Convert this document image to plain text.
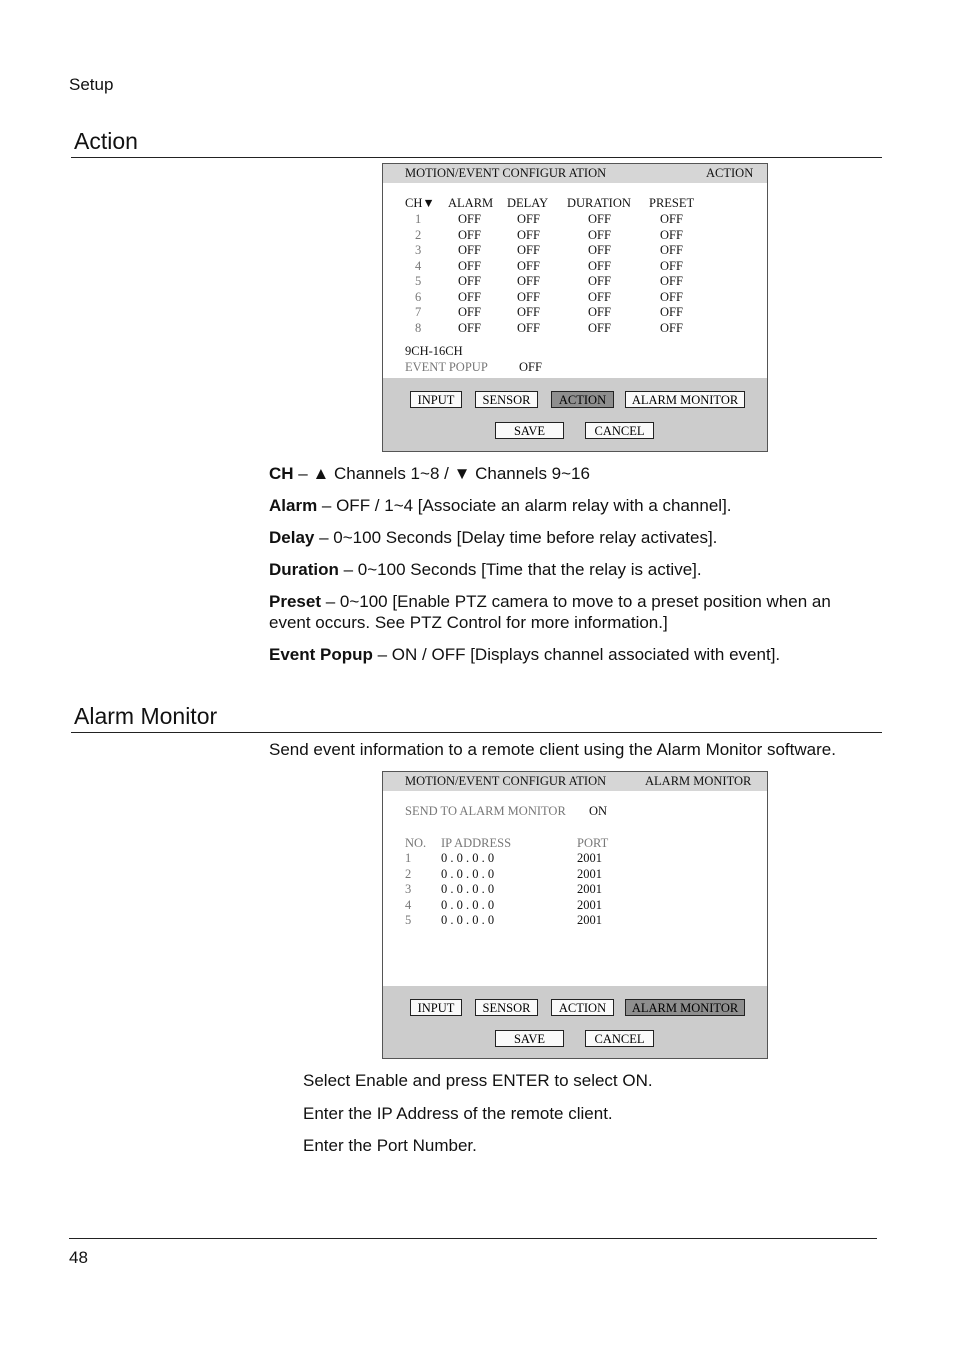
Setup
Action
MOTION/EVENT CONFIGUR ATION	ACTION
CH▼ ALARM DELAY DURATION PRESET
1	OFF	OFF	OFF	OFF
2	OFF	OFF	OFF	OFF
3	OFF	OFF	OFF	OFF
4	OFF	OFF	OFF	OFF
5	OFF	OFF	OFF	OFF
6	OFF	OFF	OFF	OFF
7	OFF	OFF	OFF	OFF
8	OFF	OFF	OFF	OFF
9CH-16CH
EVENT POPUP OFF
INPUT	SENSOR	ACTION	ALARM MONITOR
SAVE	CANCEL
CH – ▲ Channels 1~8 / ▼ Channels 9~16
Alarm – OFF / 1~4 [Associate an alarm relay with a channel].
Delay – 0~100 Seconds [Delay time before relay activates].
Duration – 0~100 Seconds [Time that the relay is active].
Preset – 0~100 [Enable PTZ camera to move to a preset position when an event occurs. See PTZ Control for more information.]
Event Popup – ON / OFF [Displays channel associated with event].
Alarm Monitor
Send event information to a remote client using the Alarm Monitor software.
MOTION/EVENT CONFIGUR ATION	ALARM MONITOR
SEND TO ALARM MONITOR ON
NO. IP ADDRESS	PORT
1 0 . 0 . 0 . 0	2001
2 0 . 0 . 0 . 0	2001
3 0 . 0 . 0 . 0	2001
4 0 . 0 . 0 . 0	2001
5 0 . 0 . 0 . 0	2001
INPUT	SENSOR	ACTION	ALARM MONITOR
SAVE	CANCEL
Select Enable and press ENTER to select ON.
Enter the IP Address of the remote client.
Enter the Port Number.
48
